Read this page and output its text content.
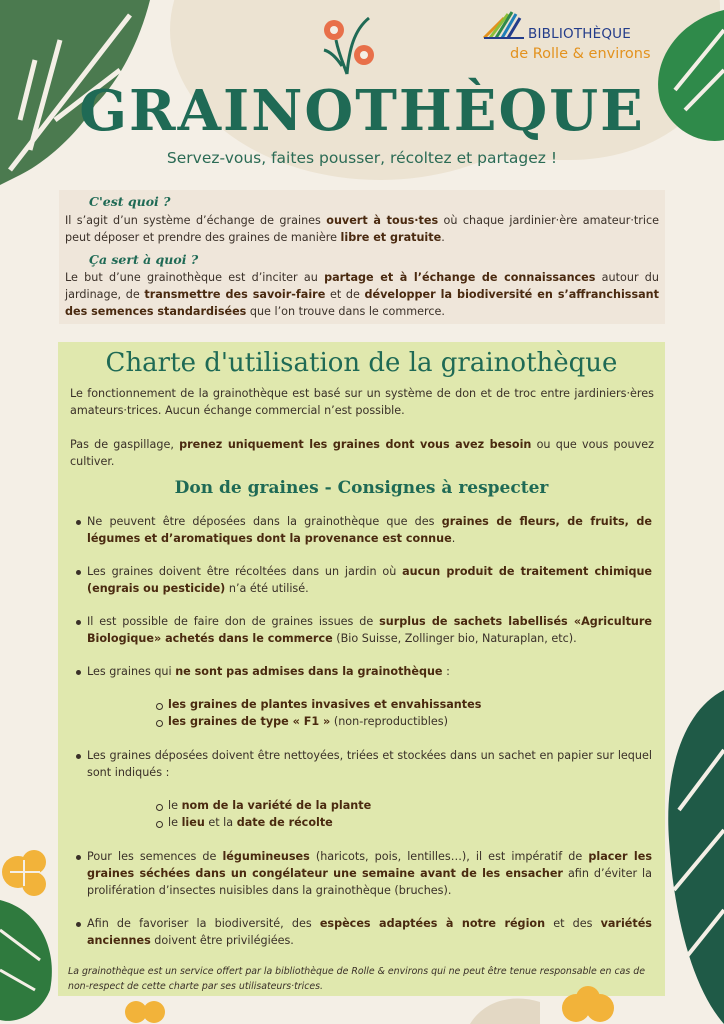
BIBLIOTHÈQUE
de Rolle & environs
GRAINOTHÈQUE
Servez-vous, faites pousser, récoltez et partagez !
C'est quoi ?
Il s’agit d’un système d’échange de graines ouvert à tous·tes où chaque jardinier·ère amateur·trice peut déposer et prendre des graines de manière libre et gratuite.
Ça sert à quoi ?
Le but d’une grainothèque est d’inciter au partage et à l’échange de connaissances autour du jardinage, de transmettre des savoir-faire et de développer la biodiversité en s’affranchissant des semences standardisées que l’on trouve dans le commerce.
Charte d'utilisation de la grainothèque
Le fonctionnement de la grainothèque est basé sur un système de don et de troc entre jardiniers·ères amateurs·trices. Aucun échange commercial n’est possible.
Pas de gaspillage, prenez uniquement les graines dont vous avez besoin ou que vous pouvez cultiver.
Don de graines - Consignes à respecter
Ne peuvent être déposées dans la grainothèque que des graines de fleurs, de fruits, de légumes et d’aromatiques dont la provenance est connue.
Les graines doivent être récoltées dans un jardin où aucun produit de traitement chimique (engrais ou pesticide) n’a été utilisé.
Il est possible de faire don de graines issues de surplus de sachets labellisés «Agriculture Biologique» achetés dans le commerce (Bio Suisse, Zollinger bio, Naturaplan, etc).
Les graines qui ne sont pas admises dans la grainothèque :
les graines de plantes invasives et envahissantes
les graines de type « F1 » (non-reproductibles)
Les graines déposées doivent être nettoyées, triées et stockées dans un sachet en papier sur lequel sont indiqués :
le nom de la variété de la plante
le lieu et la date de récolte
Pour les semences de légumineuses (haricots, pois, lentilles…), il est impératif de placer les graines séchées dans un congélateur une semaine avant de les ensacher afin d’éviter la prolifération d’insectes nuisibles dans la grainothèque (bruches).
Afin de favoriser la biodiversité, des espèces adaptées à notre région et des variétés anciennes doivent être privilégiées.
La grainothèque est un service offert par la bibliothèque de Rolle & environs qui ne peut être tenue responsable en cas de non-respect de cette charte par ses utilisateurs·trices.
